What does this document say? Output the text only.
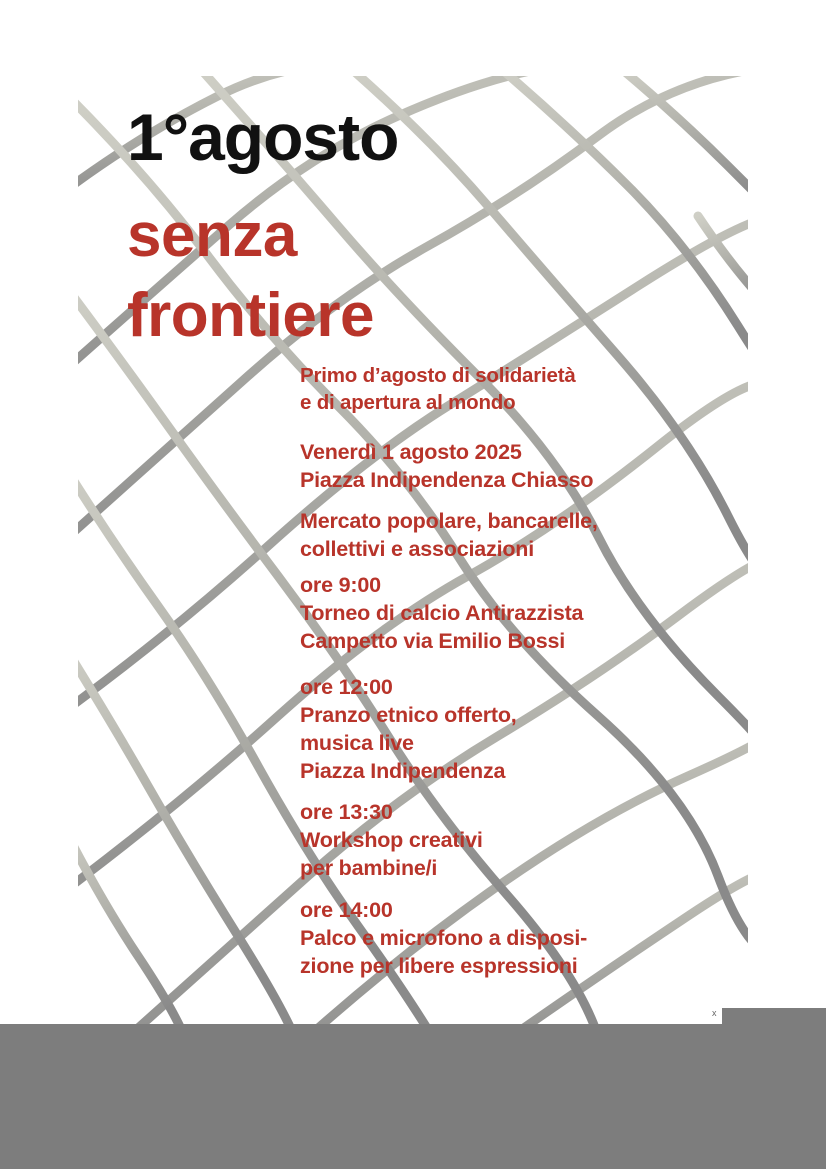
1°agosto
senza
frontiere

Primo d’agosto di solidarietà
e di apertura al mondo

Venerdì 1 agosto 2025
Piazza Indipendenza Chiasso

Mercato popolare, bancarelle,
collettivi e associazioni

ore 9:00
Torneo di calcio Antirazzista
Campetto via Emilio Bossi

ore 12:00
Pranzo etnico offerto,
musica live
Piazza Indipendenza

ore 13:30
Workshop creativi
per bambine/i

ore 14:00
Palco e microfono a disposi-
zione per libere espressioni

x
